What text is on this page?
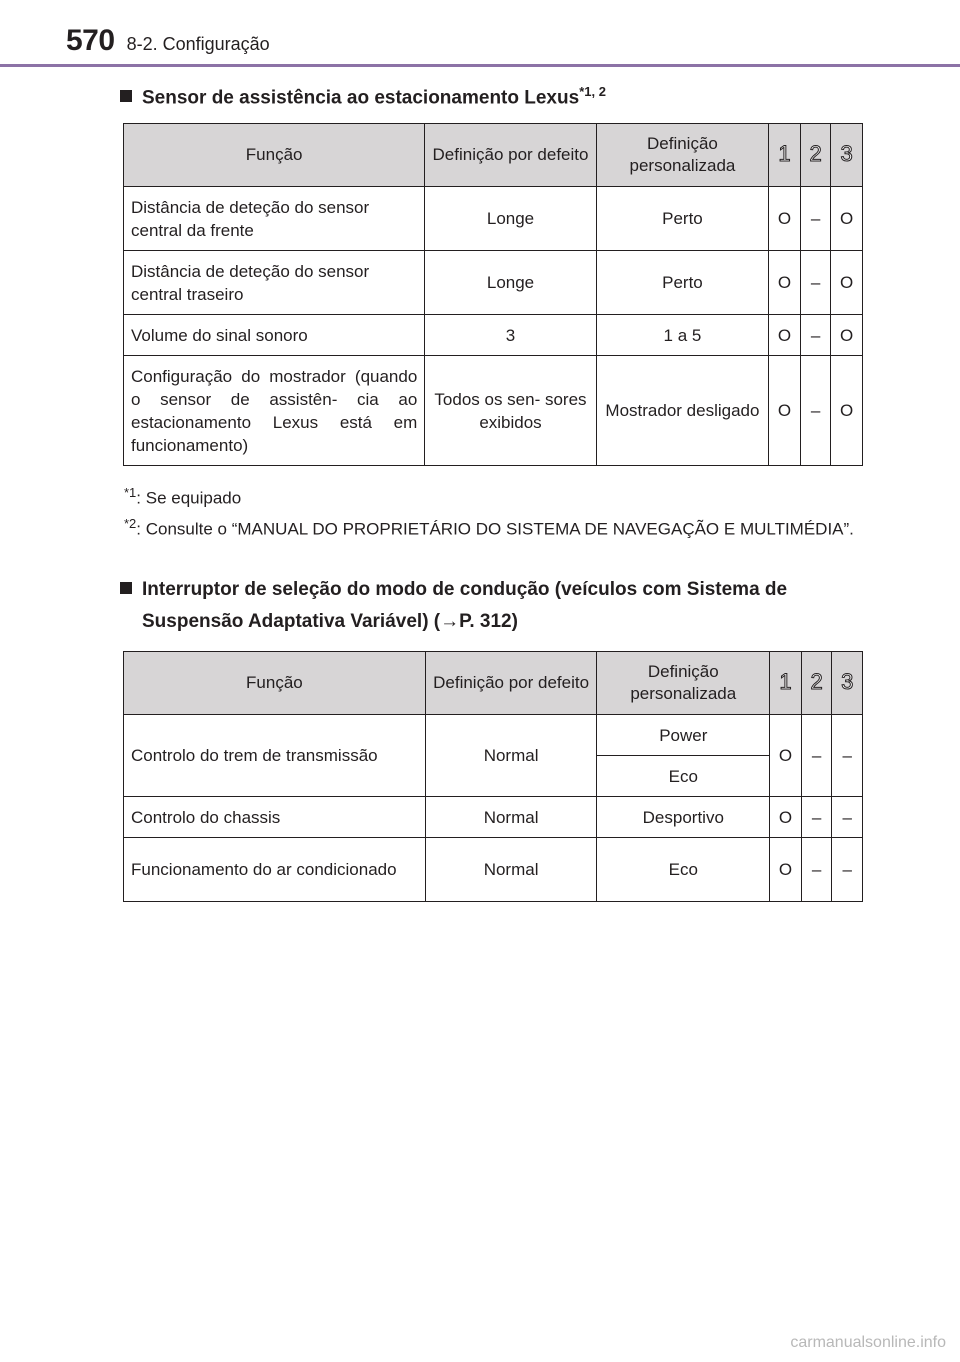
570 8-2. Configuração
Sensor de assistência ao estacionamento Lexus$^{*1, 2}$
Função	Definição por defeito	Definição personalizada	1	2	3
Distância de deteção do sensor central da frente	Longe	Perto	O	–	O
Distância de deteção do sensor central traseiro	Longe	Perto	O	–	O
Volume do sinal sonoro	3	1 a 5	O	–	O
Configuração do mostrador (quando o sensor de assistên- cia ao estacionamento Lexus está em funcionamento)	Todos os sen- sores exibidos	Mostrador desligado	O	–	O
$^{*1}$: Se equipado
$^{*2}$: Consulte o “MANUAL DO PROPRIETÁRIO DO SISTEMA DE NAVEGAÇÃO E MULTIMÉDIA”.
Interruptor de seleção do modo de condução (veículos com Sistema de Suspensão Adaptativa Variável) (→P. 312)
Função	Definição por defeito	Definição personalizada	1	2	3
Controlo do trem de transmissão	Normal	Power	O	–	–
		Eco			
Controlo do chassis	Normal	Desportivo	O	–	–
Funcionamento do ar condicionado	Normal	Eco	O	–	–
carmanualsonline.info
